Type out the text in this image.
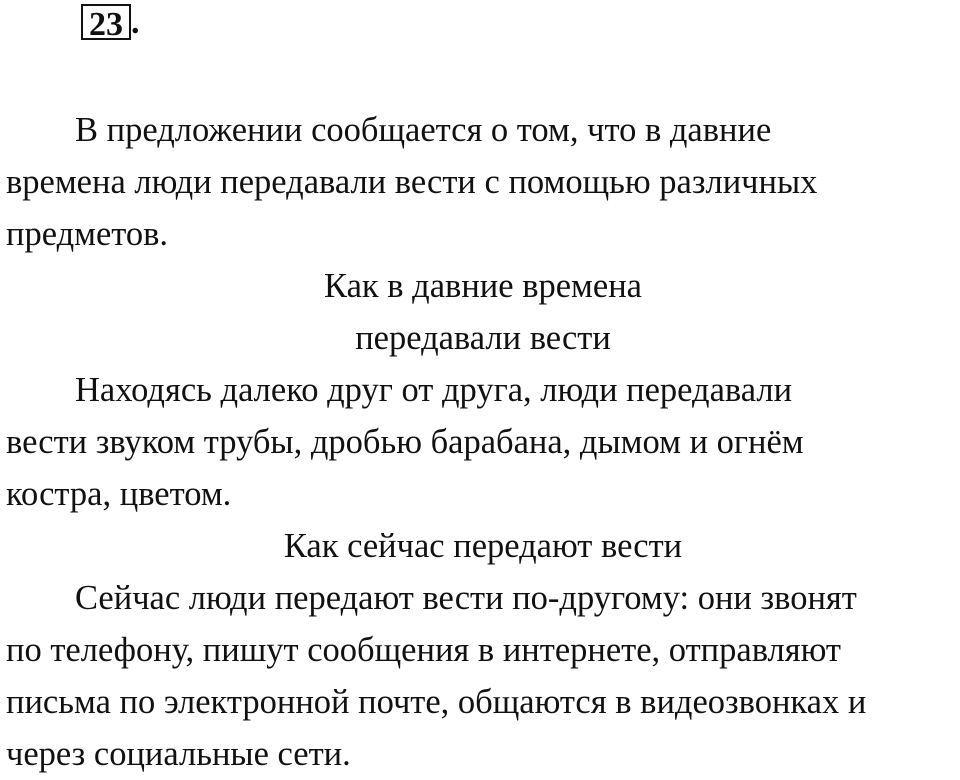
23 .

В предложении сообщается о том, что в давние

времена люди передавали вести с помощью различных

предметов.

Как в давние времена

передавали вести

Находясь далеко друг от друга, люди передавали

вести звуком трубы, дробью барабана, дымом и огнём

костра, цветом.

Как сейчас передают вести

Сейчас люди передают вести по-другому: они звонят

по телефону, пишут сообщения в интернете, отправляют

письма по электронной почте, общаются в видеозвонках и

через социальные сети.
